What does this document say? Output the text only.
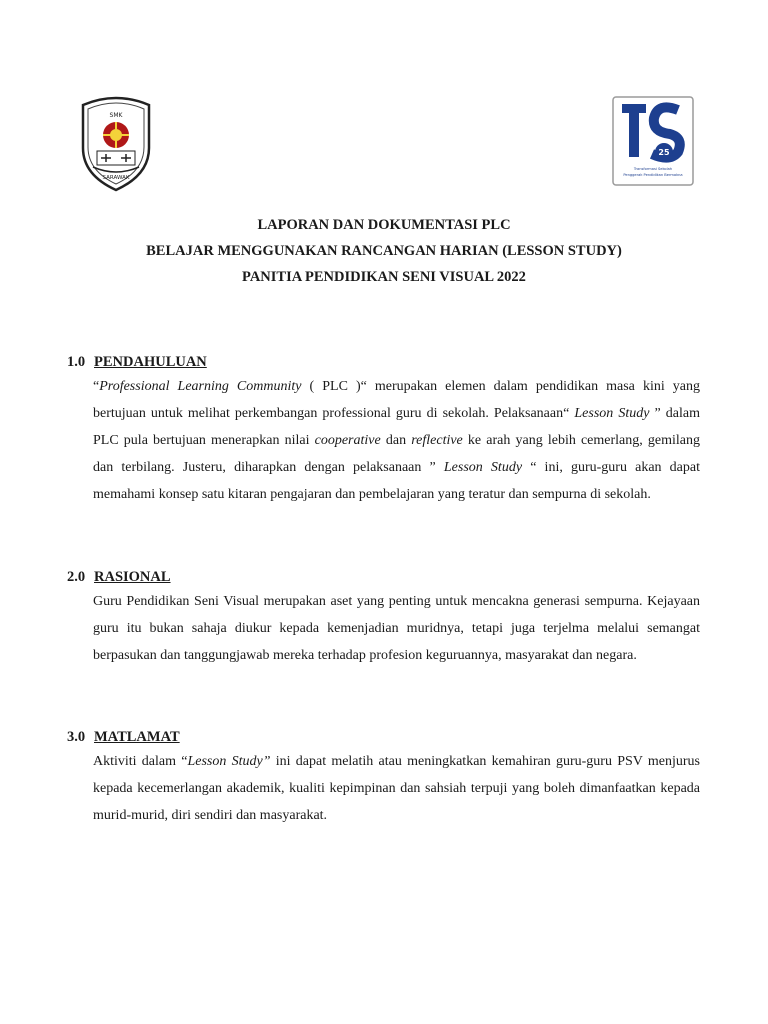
SMK
SARAWAK
25
Transformasi Sekolah
Penggerak Pendidikan Bermakna
LAPORAN DAN DOKUMENTASI PLC
BELAJAR MENGGUNAKAN RANCANGAN HARIAN (LESSON STUDY)
PANITIA PENDIDIKAN SENI VISUAL 2022
1.0 PENDAHULUAN
“Professional Learning Community ( PLC )“ merupakan elemen dalam pendidikan masa kini yang bertujuan untuk melihat perkembangan professional guru di sekolah. Pelaksanaan“ Lesson Study ” dalam PLC pula bertujuan menerapkan nilai cooperative dan reflective ke arah yang lebih cemerlang, gemilang dan terbilang. Justeru, diharapkan dengan pelaksanaan ” Lesson Study “ ini, guru-guru akan dapat memahami konsep satu kitaran pengajaran dan pembelajaran yang teratur dan sempurna di sekolah.
2.0 RASIONAL
Guru Pendidikan Seni Visual merupakan aset yang penting untuk mencakna generasi sempurna. Kejayaan guru itu bukan sahaja diukur kepada kemenjadian muridnya, tetapi juga terjelma melalui semangat berpasukan dan tanggungjawab mereka terhadap profesion keguruannya, masyarakat dan negara.
3.0 MATLAMAT
Aktiviti dalam “Lesson Study” ini dapat melatih atau meningkatkan kemahiran guru-guru PSV menjurus kepada kecemerlangan akademik, kualiti kepimpinan dan sahsiah terpuji yang boleh dimanfaatkan kepada murid-murid, diri sendiri dan masyarakat.
